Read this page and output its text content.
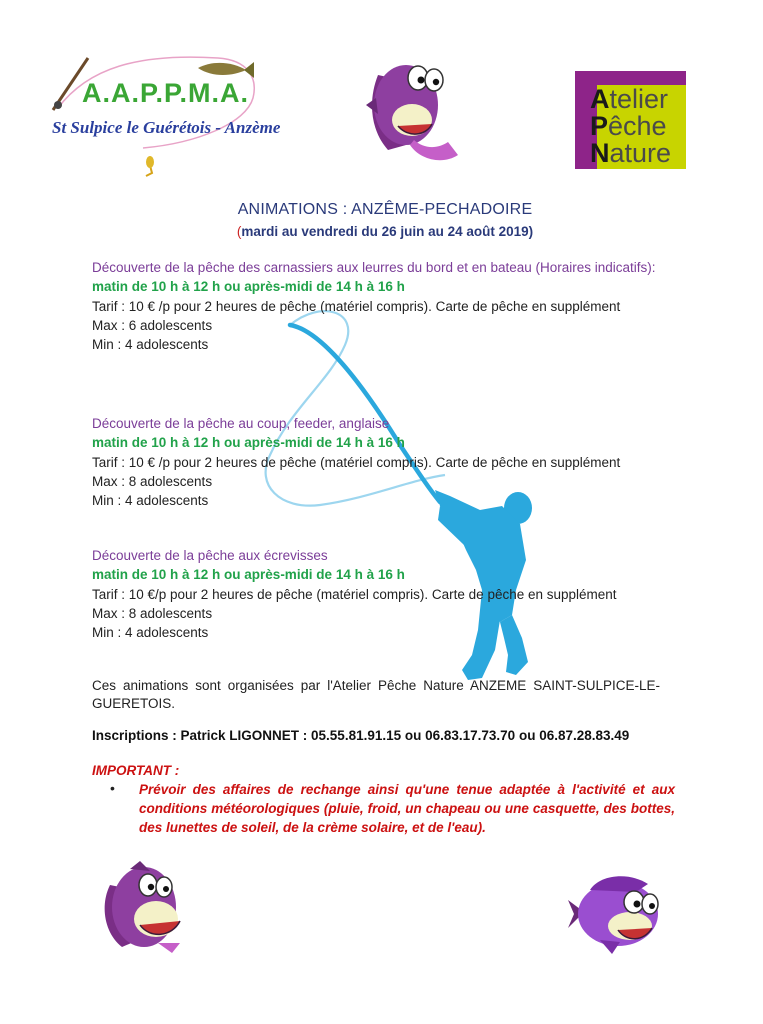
A.A.P.P.M.A.
St Sulpice le Guérétois - Anzème
Atelier
Pêche
Nature
ANIMATIONS : ANZÊME-PECHADOIRE
(mardi au vendredi du 26 juin au 24 août 2019)
Découverte de la pêche des carnassiers aux leurres du bord et en bateau (Horaires indicatifs):
matin de 10 h à 12 h ou après-midi de 14 h à 16 h
Tarif : 10 € /p pour 2 heures de pêche (matériel compris). Carte de pêche en supplément
Max : 6 adolescents
Min : 4 adolescents
Découverte de la pêche au coup, feeder, anglaise
matin de 10 h à 12 h ou après-midi de 14 h à 16 h
Tarif : 10 € /p pour 2 heures de pêche (matériel compris). Carte de pêche en supplément
Max : 8 adolescents
Min : 4 adolescents
Découverte de la pêche aux écrevisses
matin de 10 h à 12 h ou après-midi de 14 h à 16 h
Tarif : 10 €/p pour 2 heures de pêche (matériel compris). Carte de pêche en supplément
Max : 8 adolescents
Min : 4 adolescents
Ces animations sont organisées par l'Atelier Pêche Nature ANZEME SAINT-SULPICE-LE-GUERETOIS.
Inscriptions : Patrick LIGONNET : 05.55.81.91.15 ou 06.83.17.73.70 ou 06.87.28.83.49
IMPORTANT :
• Prévoir des affaires de rechange ainsi qu'une tenue adaptée à l'activité et aux conditions météorologiques (pluie, froid, un chapeau ou une casquette, des bottes, des lunettes de soleil, de la crème solaire, et de l'eau).
